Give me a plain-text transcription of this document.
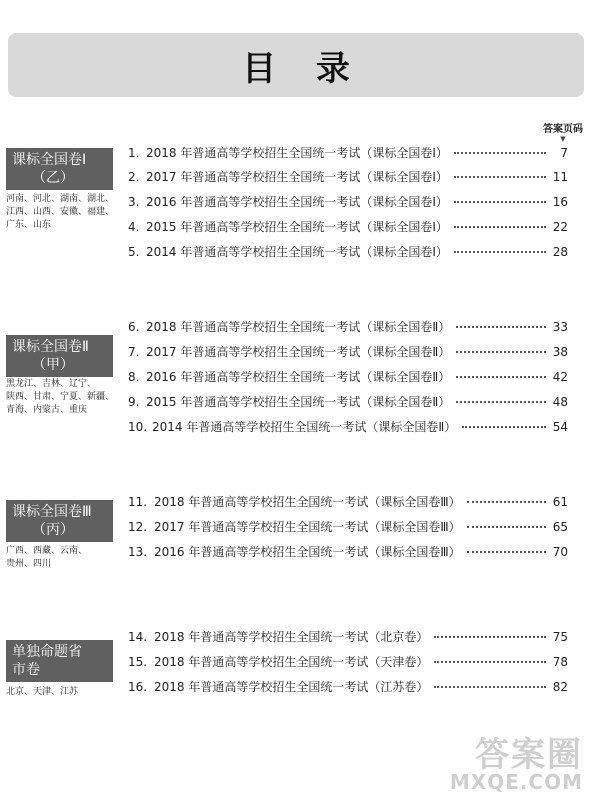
目 录
答案页码
▼
课标全国卷Ⅰ
（乙）
河南、河北、湖南、湖北、
江西、山西、安徽、福建、
广东、山东
1. 2018 年普通高等学校招生全国统一考试（课标全国卷Ⅰ）	7
2. 2017 年普通高等学校招生全国统一考试（课标全国卷Ⅰ）	11
3. 2016 年普通高等学校招生全国统一考试（课标全国卷Ⅰ）	16
4. 2015 年普通高等学校招生全国统一考试（课标全国卷Ⅰ）	22
5. 2014 年普通高等学校招生全国统一考试（课标全国卷Ⅰ）	28
课标全国卷Ⅱ
（甲）
黑龙江、吉林、辽宁、
陕西、甘肃、宁夏、新疆、
青海、内蒙古、重庆
6. 2018 年普通高等学校招生全国统一考试（课标全国卷Ⅱ）	33
7. 2017 年普通高等学校招生全国统一考试（课标全国卷Ⅱ）	38
8. 2016 年普通高等学校招生全国统一考试（课标全国卷Ⅱ）	42
9. 2015 年普通高等学校招生全国统一考试（课标全国卷Ⅱ）	48
10. 2014 年普通高等学校招生全国统一考试（课标全国卷Ⅱ）	54
课标全国卷Ⅲ
（丙）
广西、西藏、云南、
贵州、四川
11. 2018 年普通高等学校招生全国统一考试（课标全国卷Ⅲ）	61
12. 2017 年普通高等学校招生全国统一考试（课标全国卷Ⅲ）	65
13. 2016 年普通高等学校招生全国统一考试（课标全国卷Ⅲ）	70
单独命题省
市卷
北京、天津、江苏
14. 2018 年普通高等学校招生全国统一考试（北京卷）	75
15. 2018 年普通高等学校招生全国统一考试（天津卷）	78
16. 2018 年普通高等学校招生全国统一考试（江苏卷）	82
答案圈
MXQE.COM
